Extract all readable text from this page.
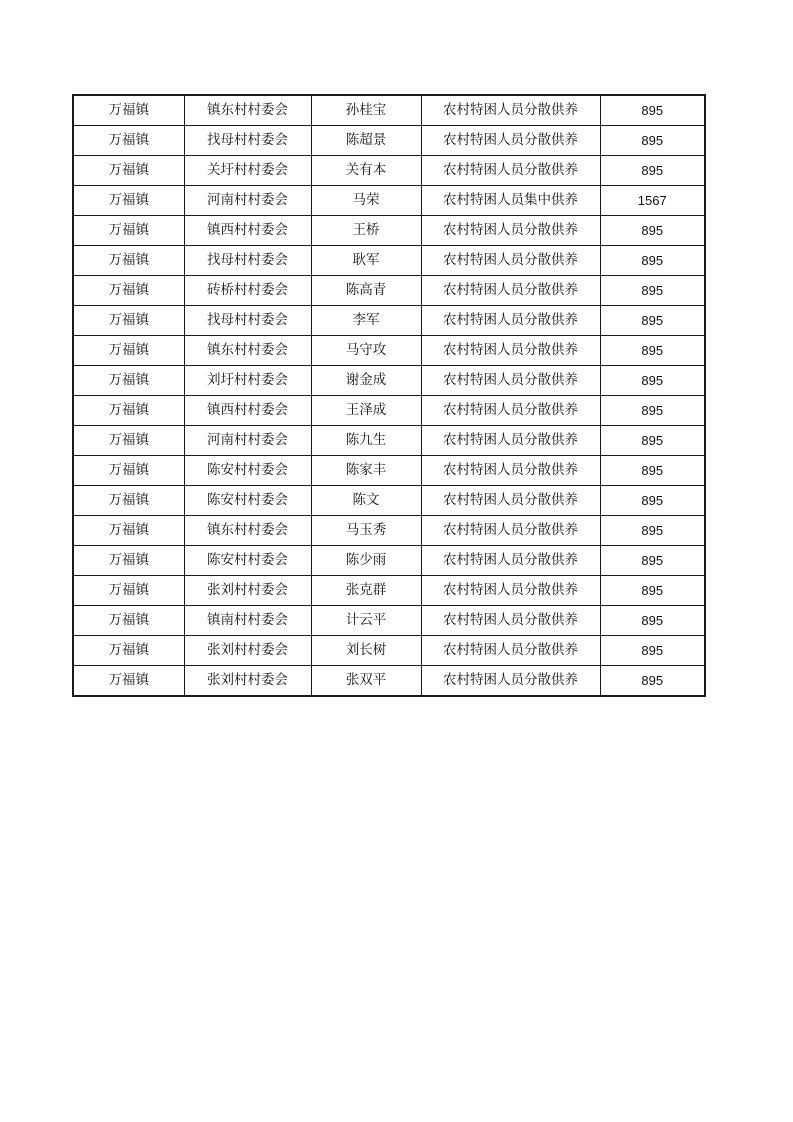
万福镇	镇东村村委会	孙桂宝	农村特困人员分散供养	895
万福镇	找母村村委会	陈超景	农村特困人员分散供养	895
万福镇	关圩村村委会	关有本	农村特困人员分散供养	895
万福镇	河南村村委会	马荣	农村特困人员集中供养	1567
万福镇	镇西村村委会	王桥	农村特困人员分散供养	895
万福镇	找母村村委会	耿军	农村特困人员分散供养	895
万福镇	砖桥村村委会	陈高青	农村特困人员分散供养	895
万福镇	找母村村委会	李军	农村特困人员分散供养	895
万福镇	镇东村村委会	马守攻	农村特困人员分散供养	895
万福镇	刘圩村村委会	谢金成	农村特困人员分散供养	895
万福镇	镇西村村委会	王泽成	农村特困人员分散供养	895
万福镇	河南村村委会	陈九生	农村特困人员分散供养	895
万福镇	陈安村村委会	陈家丰	农村特困人员分散供养	895
万福镇	陈安村村委会	陈文	农村特困人员分散供养	895
万福镇	镇东村村委会	马玉秀	农村特困人员分散供养	895
万福镇	陈安村村委会	陈少雨	农村特困人员分散供养	895
万福镇	张刘村村委会	张克群	农村特困人员分散供养	895
万福镇	镇南村村委会	计云平	农村特困人员分散供养	895
万福镇	张刘村村委会	刘长树	农村特困人员分散供养	895
万福镇	张刘村村委会	张双平	农村特困人员分散供养	895
